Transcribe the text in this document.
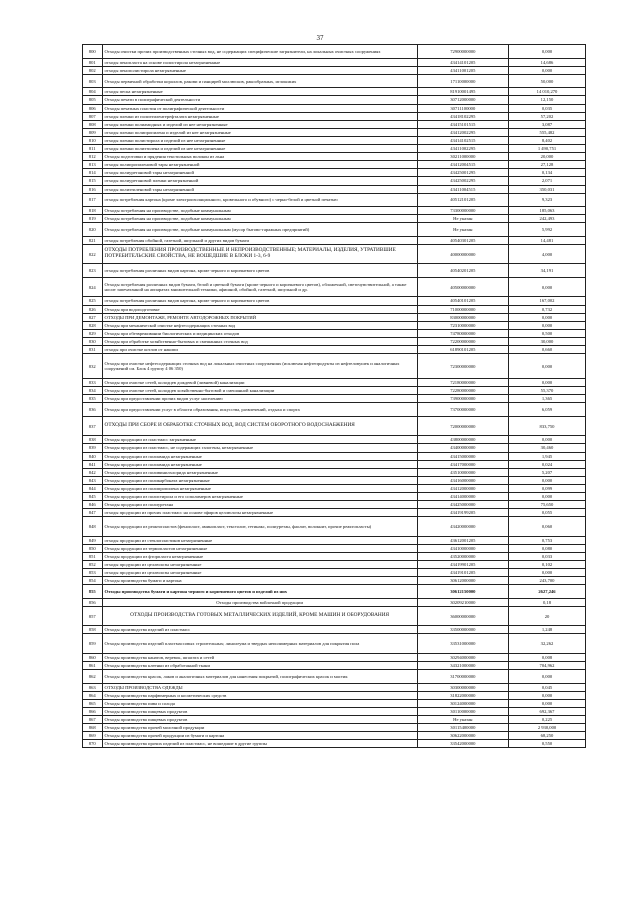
37
800	Отходы очистки прочих производственных сточных вод, не содержащих специфические загрязнители, на локальных очистных сооружениях	72900000000	0,000
801	отходы пенопласта на основе полистирола незагрязненные	43414101205	14,686
802	отходы пенополистирола незагрязненные	43411001205	0,000
803	Отходы первичной обработки кораллов, ракови и панцирей моллюсков, ракообразных, иглокожих	17110000000	50,000
804	отходы песка незагрязненные	81910001495	14 010,270
805	Отходы печати в полиграфической деятельности	30712000000	12,150
806	Отходы печатных пластин от полиграфической деятельности	30711100000	0,035
807	отходы пленки из полиэтилентерефталата незагрязненные	43418102295	57,202
808	отходы пленки полиамидных и изделий из нее незагрязненные	43415101515	3,087
809	отходы пленки полипропилена и изделий из нее незагрязненные	43412002295	555,482
810	отходы пленки полистирола и изделий из нее незагрязненные	43414102515	8,402
811	отходы пленки полиэтилена и изделий из нее незагрязненные	43411002295	1 490,751
812	Отходы подготовки и прядения текстильных волокон из льна	30211000000	20,000
813	отходы полипропиленовой тары незагрязненной	43412004515	27,128
814	отходы полиуретановой тары незагрязненной	43425001295	0,134
815	отходы полиуретановой пленки незагрязненной	43425002295	2,071
816	отходы полиэтиленовой тары незагрязненной	43411004515	350,031
817	отходы потребления картона (кроме электроизоляционного, кровельного и обувного) с черно-белой и цветной печатью	40512101205	9,323
818	Отходы потребления на производстве, подобные коммунальным	73300000000	185,063
819	Отходы потребления на производстве, подобные коммунальным	Не указан	242,493
820	Отходы потребления на производстве, подобные коммунальным (мусор бытово-гаражных предприятий)	Не указан	5,992
821	отходы потребления обойной, газетной, шпульной и других видов бумаги	40540301205	14,481
822	ОТХОДЫ ПОТРЕБЛЕНИЯ ПРОИЗВОДСТВЕННЫЕ И НЕПРОИЗВОДСТВЕННЫЕ; МАТЕРИАЛЫ, ИЗДЕЛИЯ, УТРАТИВШИЕ ПОТРЕБИТЕЛЬСКИЕ СВОЙСТВА, НЕ ВОШЕДШИЕ В БЛОКИ 1-3, 6-9	40000000000	4,000
823	отходы потребления различных видов картона, кроме черного и коричневого цветов	40540201205	34,191
824	Отходы потребления различных видов бумаги, белой и цветной бумаги (кроме черного и коричневого цветов), обложечной, светочувствительной, а также носит запечатанной на аппаратах множительной техники, афишной, обойной, газетной, шпульной и др.	40500000000	0,000
825	отходы потребления различных видов картона, кроме черного и коричневого цветов	40540101205	167,002
826	Отходы при водоподготовке	71000000000	0,732
827	ОТХОДЫ ПРИ ДЕМОНТАЖЕ, РЕМОНТЕ АВТОДОРОЖНЫХ ПОКРЫТИЙ	83000000000	0,000
828	Отходы при механической очистке нефтесодержащих сточных вод	72310000000	0,000
829	Отходы при обезвреживании биологических и медицинских отходов	74780000000	0,500
830	Отходы при обработке хозяйственно-бытовых и смешанных сточных вод	72200000000	30,000
831	отходы при очистке котлов от накипи	61890101205	0,660
832	Отходы при очистке нефтесодержащих сточных вод на локальных очистных сооружениях (исключая нефтепродукты из нефтеловушек и аналогичных сооружений см. Блок 4 группу 4 06 350)	72300000000	0,000
833	Отходы при очистке сетей, колодцев дождевой (ливневой) канализации	72180000000	0,000
834	Отходы при очистке сетей, колодцев хозяйственно-бытовой и смешанной канализации	72280000000	55,370
835	Отходы при предоставлении прочих видов услуг населению	73900000000	1,365
836	Отходы при предоставлении услуг в области образования, искусства, развлечений, отдыха и спорта	73700000000	6,059
837	ОТХОДЫ ПРИ СБОРЕ И ОБРАБОТКЕ СТОЧНЫХ ВОД, ВОД СИСТЕМ ОБОРОТНОГО ВОДОСНАБЖЕНИЯ	72000000000	833,750
838	Отходы продукции из пластмасс загрязненные	43800000000	0,000
839	Отходы продукции из пластмасс, не содержащих галогены, незагрязненные	43400000000	30,460
840	Отходы продукции из полиамида незагрязненные	43415000000	1,945
841	Отходы продукции из полиамида незагрязненные	43417000000	0,024
842	Отходы продукции из поливинилхлорида незагрязненные	43510000000	5,207
843	Отходы продукции из поликарбоната незагрязненные	43416000000	0,000
844	Отходы продукции из полипропилена незагрязненные	43412000000	0,099
845	Отходы продукции из полистирола и его сополимеров незагрязненные	43414000000	0,000
846	Отходы продукции из полиуретана	43425000000	75,650
847	отходы продукции из прочих пластмасс на основе эфиров целлюлозы незагрязненные	43419199205	0,055
848	Отходы продукции из реактопластов (фенопласт, аминопласт, текстолит, гетинакс, полиуретан, фаолит, волокнит, прочие реактопласты)	43420000000	0,060
849	отходы продукции из стеклопластиков незагрязненные	43612001205	0,753
850	Отходы продукции из термопластов незагрязненные	43410000000	0,080
851	Отходы продукции из фторпласта незагрязненные	43520000000	0,033
852	отходы продукции из целлюлозы незагрязненные	43419901205	0,102
853	отходы продукции из целлюлозы незагрязненные	43419101205	0,000
854	Отходы производства бумаги и картона	30612000000	243,700
855	Отходы производства бумаги и картона черного и коричневого цветов и изделий из них	30612150000	2627,246
856	Отходы производства войлочной продукции	30209210000	0,18
857	ОТХОДЫ ПРОИЗВОДСТВА ГОТОВЫХ МЕТАЛЛИЧЕСКИХ ИЗДЕЛИЙ, КРОМЕ МАШИН И ОБОРУДОВАНИЯ	36000000000	20
858	Отходы производства изделий из пластмасс	33500000000	1,248
859	Отходы производства изделий пластмассовых строительных; линолеума и твердых неполимерных материалов для покрытия пола	33531000000	32,262
860	Отходы производства канатов, веревок, шпагата и сетей	30294000000	0,008
861	Отходы производства клеенки из обработанной ткани	34321000000	704,962
862	Отходы производства красок, лаков и аналогичных материалов для нанесения покрытий, полиграфических красок и мастик	31700000000	0,000
863	ОТХОДЫ ПРОИЗВОДСТВА ОДЕЖДЫ	30300000000	0,045
864	Отходы производства парфюмерных и косметических средств	31822000000	0,000
865	Отходы производства пива и солода	30124000000	0,000
866	Отходы производства пищевых продуктов	30110000000	692,367
867	Отходы производства пищевых продуктов	Не указан	0,225
868	Отходы производства прочей молочной продукции	30115400000	2 930,000
869	Отходы производства прочей продукции из бумаги и картона	30622000000	68,250
870	Отходы производства прочих изделий из пластмасс, не вошедшие в другие группы	33542000000	0,550
